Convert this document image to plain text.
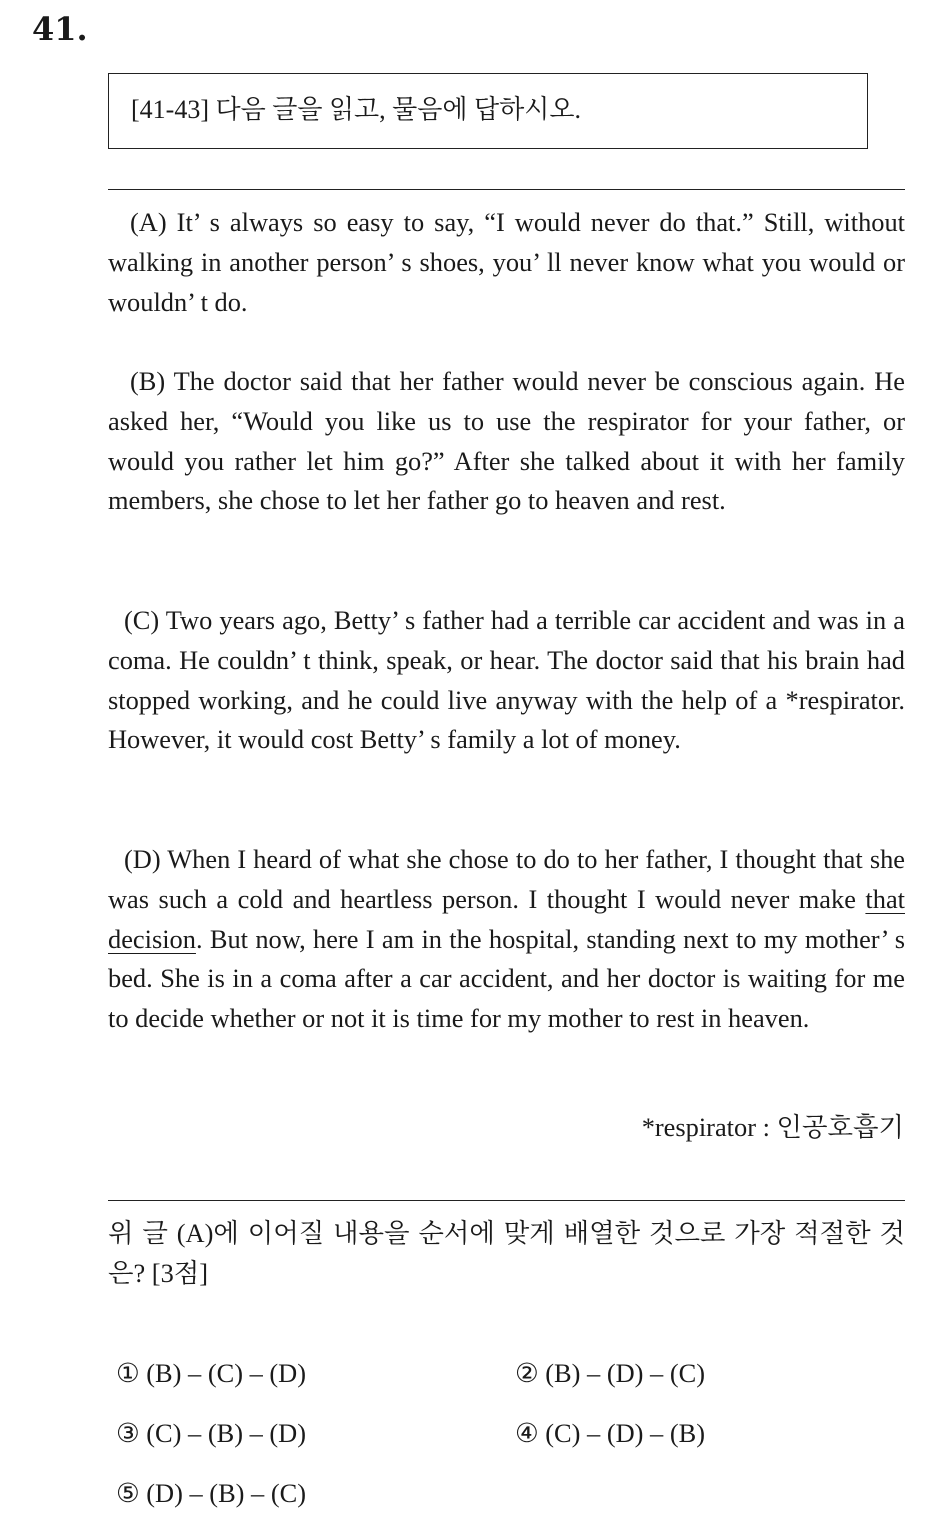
41.
[41-43] 다음 글을 읽고, 물음에 답하시오.

(A) It’ s always so easy to say, “I would never do that.” Still, without walking in another person’ s shoes, you’ ll never know what you would or wouldn’ t do.

(B) The doctor said that her father would never be conscious again. He asked her, “Would you like us to use the respirator for your father, or would you rather let him go?” After she talked about it with her family members, she chose to let her father go to heaven and rest.

(C) Two years ago, Betty’ s father had a terrible car accident and was in a coma. He couldn’ t think, speak, or hear. The doctor said that his brain had stopped working, and he could live anyway with the help of a *respirator. However, it would cost Betty’ s family a lot of money.

(D) When I heard of what she chose to do to her father, I thought that she was such a cold and heartless person. I thought I would never make that decision. But now, here I am in the hospital, standing next to my mother’ s bed. She is in a coma after a car accident, and her doctor is waiting for me to decide whether or not it is time for my mother to rest in heaven.

*respirator : 인공호흡기

위 글 (A)에 이어질 내용을 순서에 맞게 배열한 것으로 가장 적절한 것은? [3점]

① (B) – (C) – (D)	② (B) – (D) – (C)
③ (C) – (B) – (D)	④ (C) – (D) – (B)
⑤ (D) – (B) – (C)
